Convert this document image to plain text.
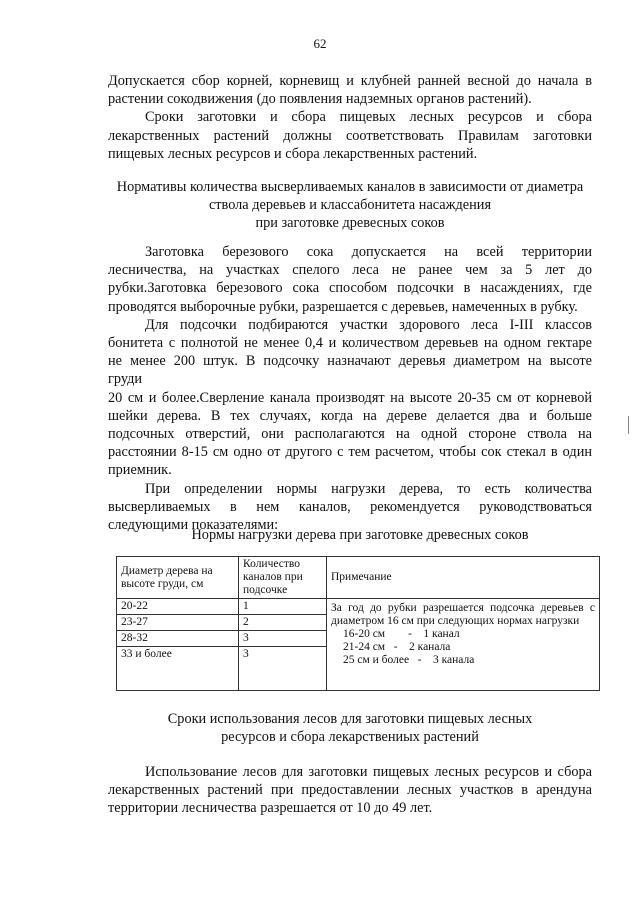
62

Допускается сбор корней, корневищ и клубней ранней весной до начала в

растении сокодвижения (до появления надземных органов растений).

Сроки заготовки и сбора пищевых лесных ресурсов и сбора

лекарственных растений должны соответствовать Правилам заготовки

пищевых лесных ресурсов и сбора лекарственных растений.

Нормативы количества высверливаемых каналов в зависимости от диаметра
ствола деревьев и классабонитета насаждения
при заготовке древесных соков

Заготовка березового сока допускается на всей территории

лесничества, на участках спелого леса не ранее чем за 5 лет до

рубки.Заготовка березового сока способом подсочки в насаждениях, где

проводятся выборочные рубки, разрешается с деревьев, намеченных в рубку.

Для подсочки подбираются участки здорового леса I-III классов

бонитета с полнотой не менее 0,4 и количеством деревьев на одном гектаре

не менее 200 штук. В подсочку назначают деревья диаметром на высоте

груди

20 см и более.Сверление канала производят на высоте 20-35 см от корневой

шейки дерева. В тех случаях, когда на дереве делается два и больше

подсочных отверстий, они располагаются на одной стороне ствола на

расстоянии 8-15 см одно от другого с тем расчетом, чтобы сок стекал в один

приемник.

При определении нормы нагрузки дерева, то есть количества

высверливаемых в нем каналов, рекомендуется руководствоваться

следующими показателями:

Нормы нагрузки дерева при заготовке древесных соков
Диаметр дерева на высоте груди, см	Количество каналов при подсочке	Примечание
20-22	1	За год до рубки разрешается подсочка деревьев с диаметром 16 см при следующих нормах нагрузки
16-20 см        -    1 канал
21-24 см   -    2 канала
25 см и более   -    3 канала

23-27	2	
28-32	3	
33 и более	3	
Сроки использования лесов для заготовки пищевых лесных
ресурсов и сбора лекарствениых растений

Использование лесов для заготовки пищевых лесных ресурсов и сбора

лекарственных растений при предоставлении лесных участков в арендуна

территории лесничества разрешается от 10 до 49 лет.
